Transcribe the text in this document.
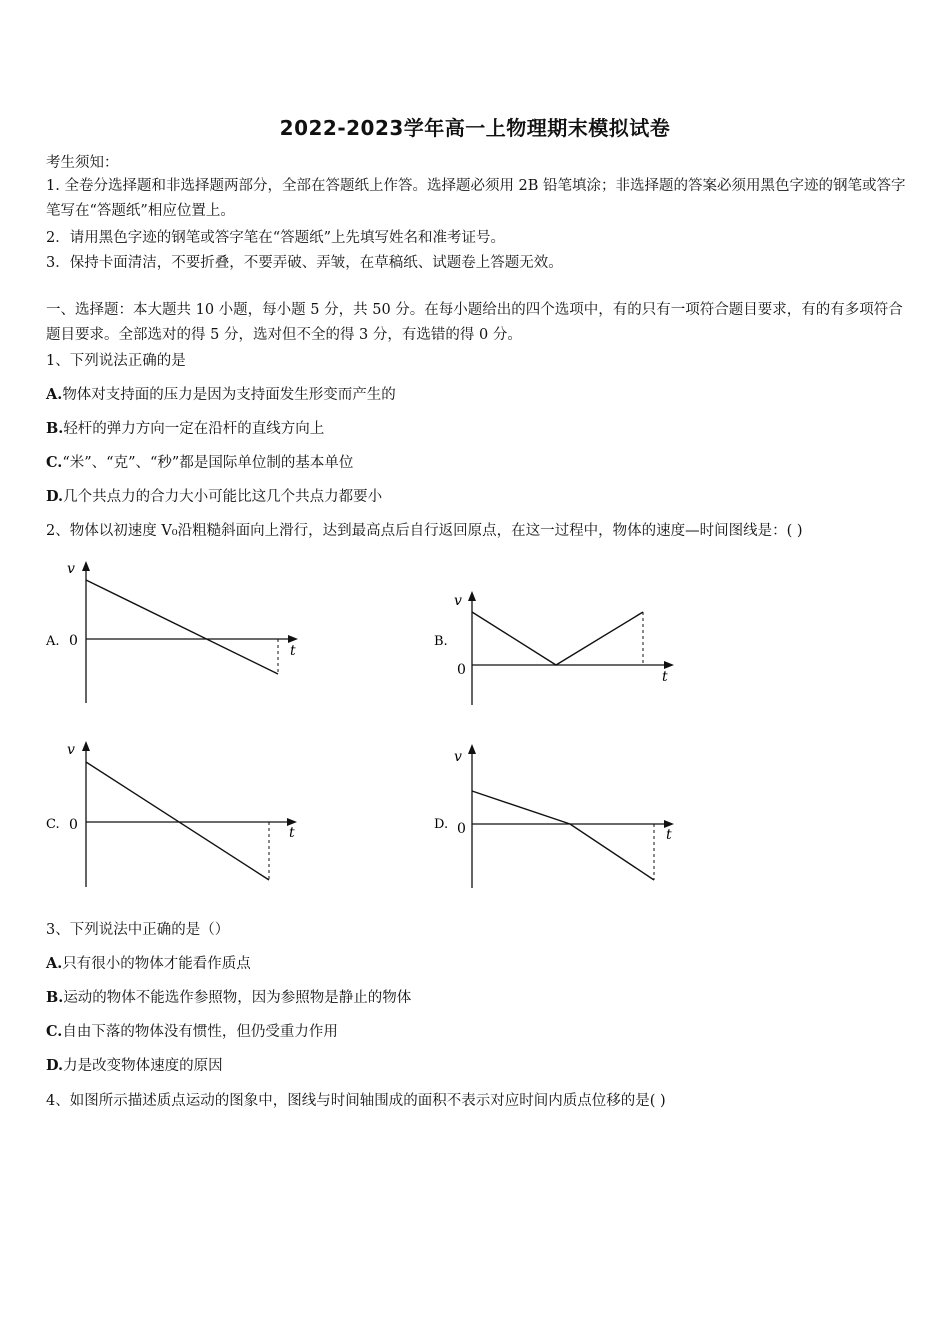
2022-2023学年高一上物理期末模拟试卷
考生须知：
1. 全卷分选择题和非选择题两部分，全部在答题纸上作答。选择题必须用 2B 铅笔填涂；非选择题的答案必须用黑色字迹的钢笔或答字笔写在“答题纸”相应位置上。
2．请用黑色字迹的钢笔或答字笔在“答题纸”上先填写姓名和准考证号。
3．保持卡面清洁，不要折叠，不要弄破、弄皱，在草稿纸、试题卷上答题无效。
一、选择题：本大题共 10 小题，每小题 5 分，共 50 分。在每小题给出的四个选项中，有的只有一项符合题目要求，有的有多项符合题目要求。全部选对的得 5 分，选对但不全的得 3 分，有选错的得 0 分。
1、下列说法正确的是
A.物体对支持面的压力是因为支持面发生形变而产生的
B.轻杆的弹力方向一定在沿杆的直线方向上
C.“米”、“克”、“秒”都是国际单位制的基本单位
D.几个共点力的合力大小可能比这几个共点力都要小
2、物体以初速度 V₀沿粗糙斜面向上滑行，达到最高点后自行返回原点，在这一过程中，物体的速度—时间图线是：( )
A.
v
0
t
B.
v
0	t
C.
v
0	t
D.
v
0	t
3、下列说法中正确的是（）
A.只有很小的物体才能看作质点
B.运动的物体不能选作参照物，因为参照物是静止的物体
C.自由下落的物体没有惯性，但仍受重力作用
D.力是改变物体速度的原因
4、如图所示描述质点运动的图象中，图线与时间轴围成的面积不表示对应时间内质点位移的是( )
